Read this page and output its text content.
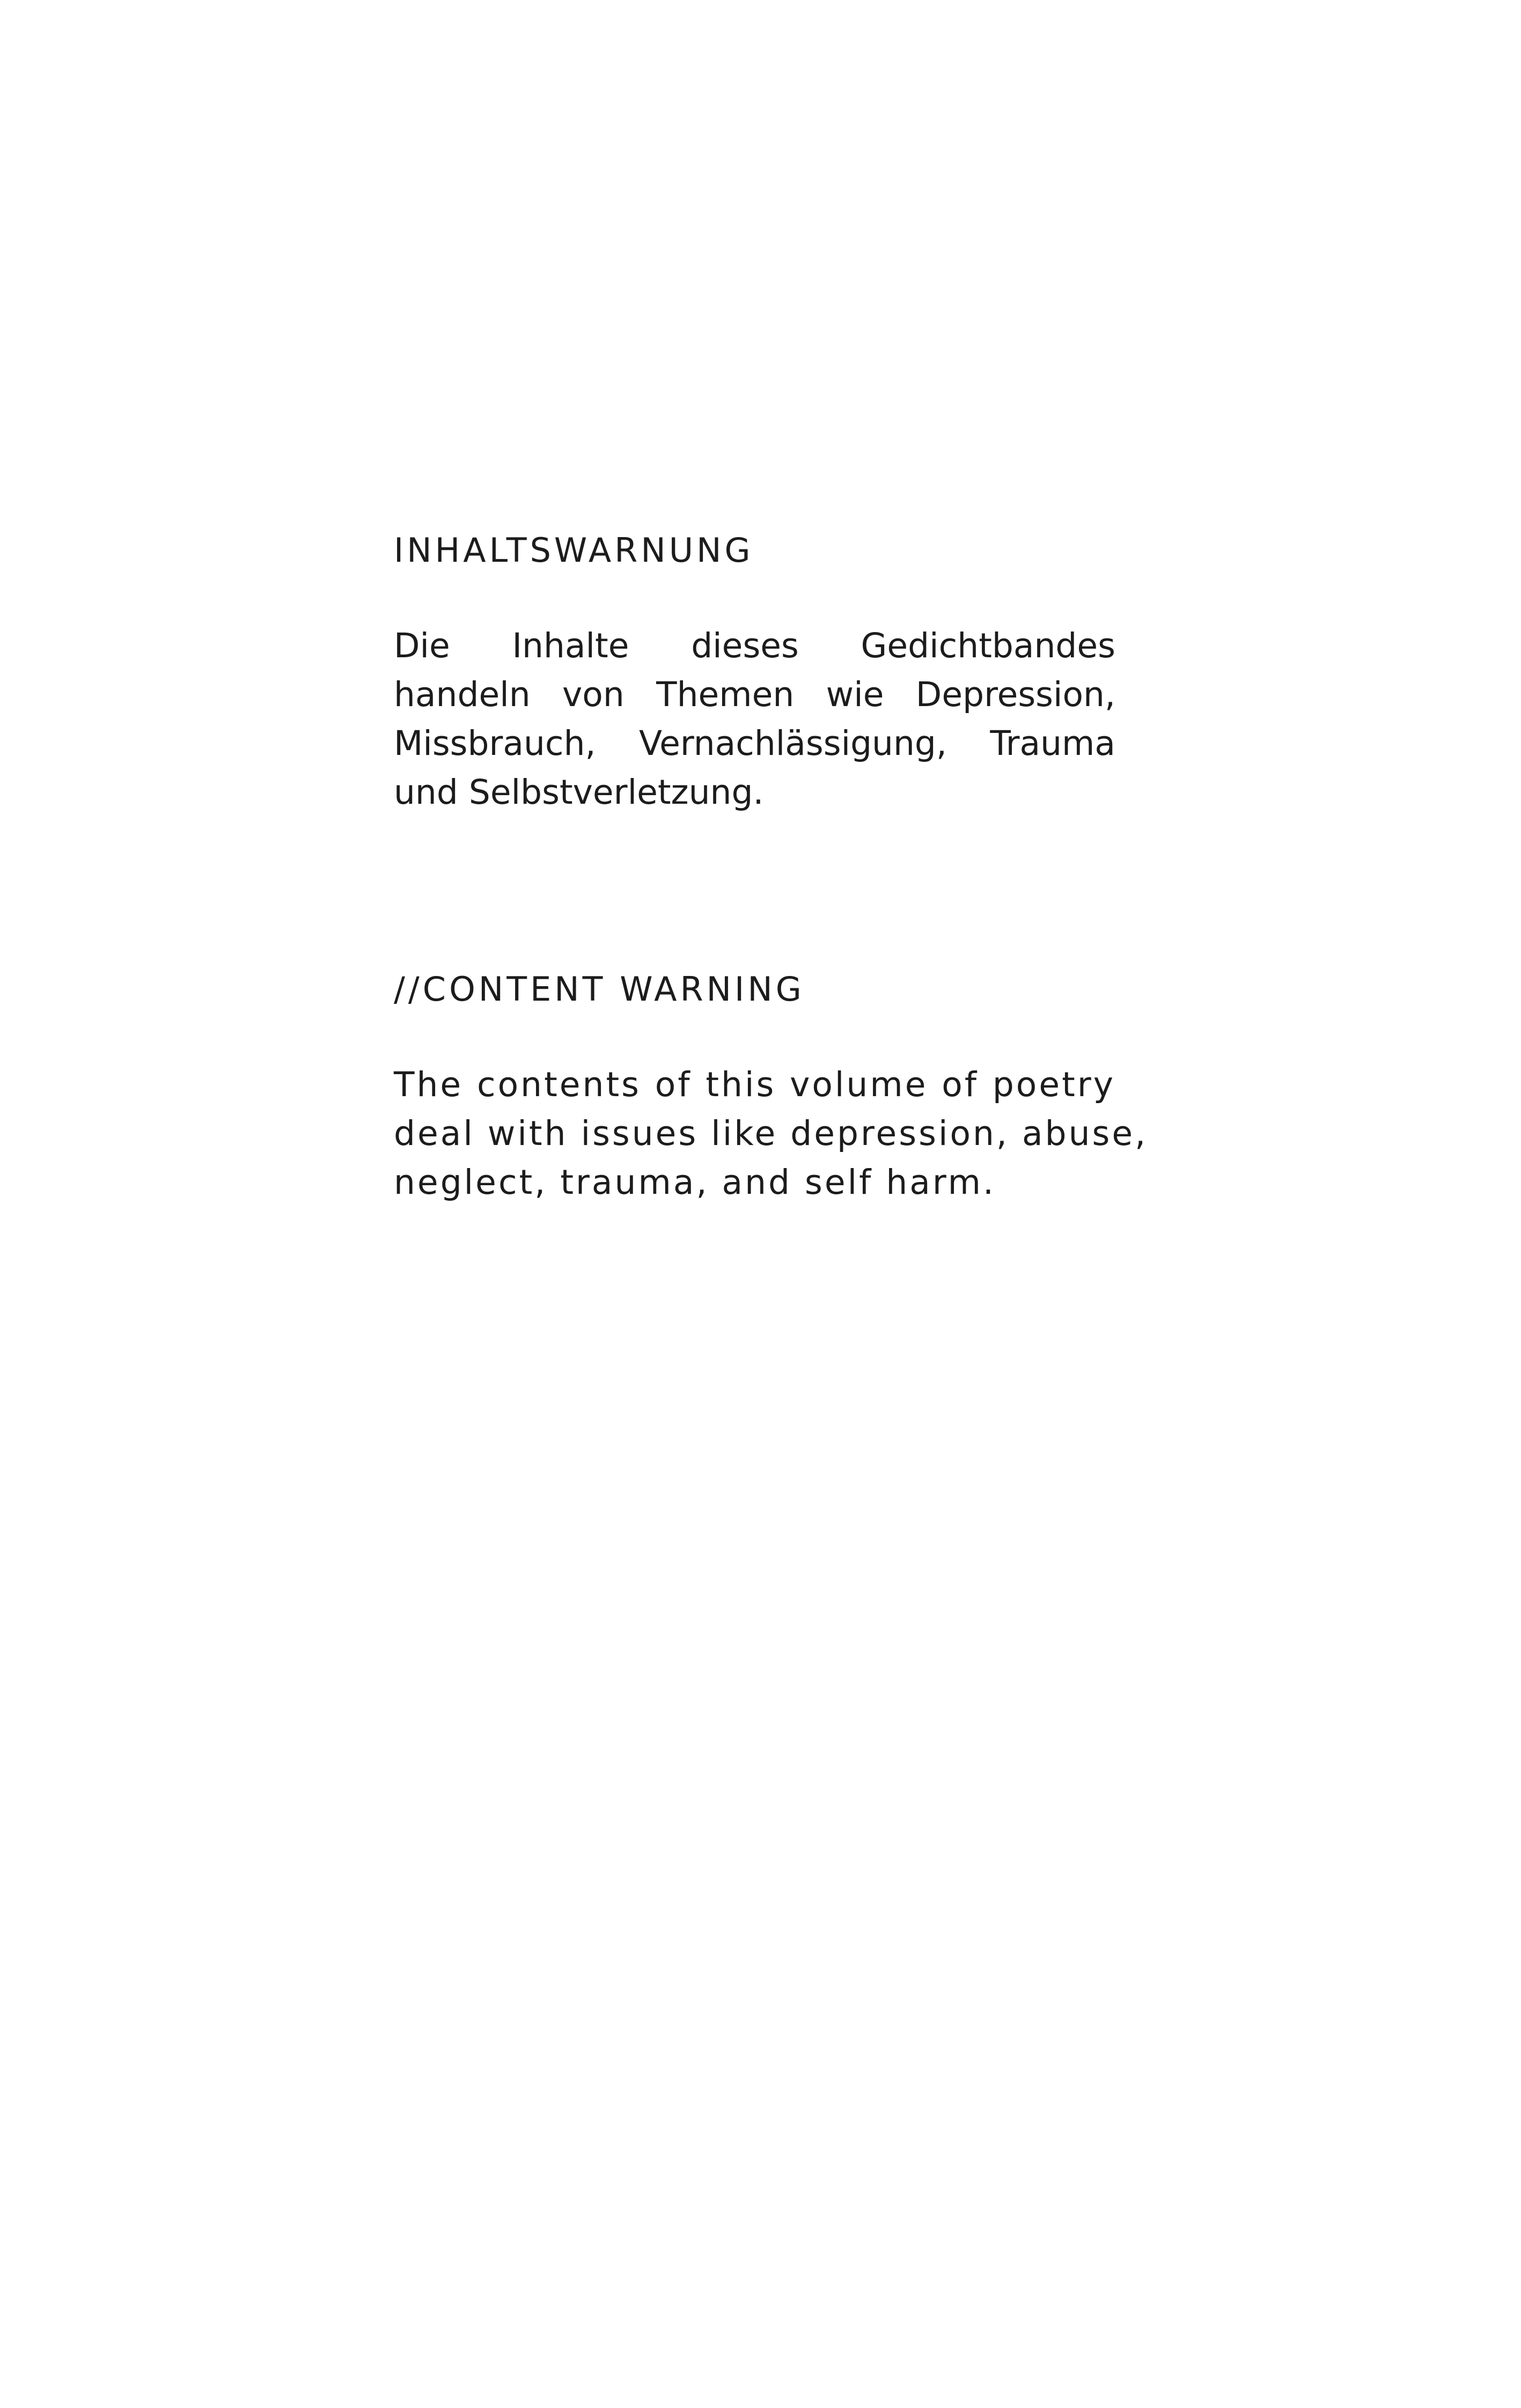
INHALTSWARNUNG

Die Inhalte dieses Gedichtbandes
handeln von Themen wie Depression,
Missbrauch, Vernachlässigung, Trauma
und Selbstverletzung.

//CONTENT WARNING

The contents of this volume of poetry
deal with issues like depression, abuse,
neglect, trauma, and self harm.
